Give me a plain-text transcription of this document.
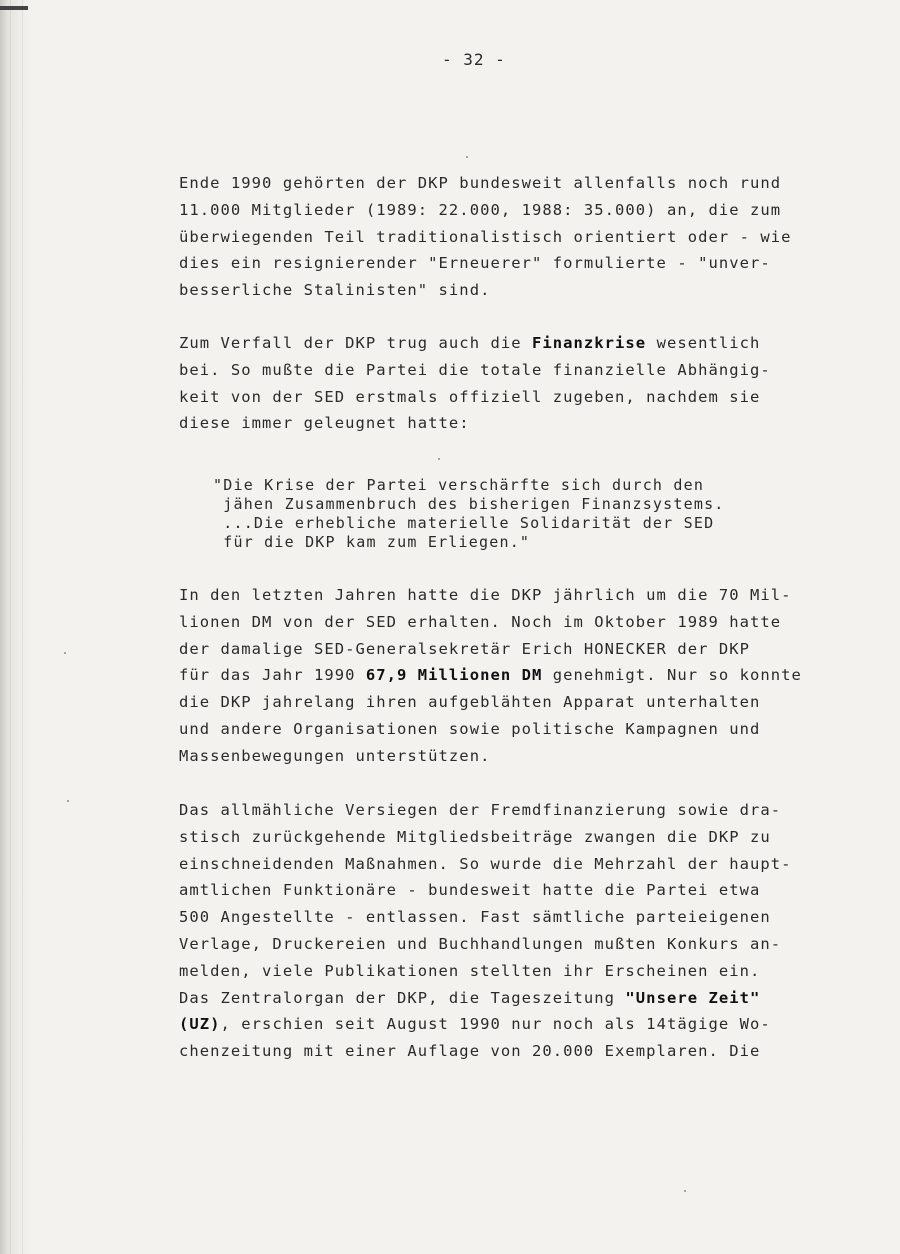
- 32 -
Ende 1990 gehörten der DKP bundesweit allenfalls noch rund
11.000 Mitglieder (1989: 22.000, 1988: 35.000) an, die zum
überwiegenden Teil traditionalistisch orientiert oder - wie
dies ein resignierender "Erneuerer" formulierte - "unver-
besserliche Stalinisten" sind.
Zum Verfall der DKP trug auch die Finanzkrise wesentlich
bei. So mußte die Partei die totale finanzielle Abhängig-
keit von der SED erstmals offiziell zugeben, nachdem sie
diese immer geleugnet hatte:
"Die Krise der Partei verschärfte sich durch den
jähen Zusammenbruch des bisherigen Finanzsystems.
...Die erhebliche materielle Solidarität der SED
für die DKP kam zum Erliegen."
In den letzten Jahren hatte die DKP jährlich um die 70 Mil-
lionen DM von der SED erhalten. Noch im Oktober 1989 hatte
der damalige SED-Generalsekretär Erich HONECKER der DKP
für das Jahr 1990 67,9 Millionen DM genehmigt. Nur so konnte
die DKP jahrelang ihren aufgeblähten Apparat unterhalten
und andere Organisationen sowie politische Kampagnen und
Massenbewegungen unterstützen.
Das allmähliche Versiegen der Fremdfinanzierung sowie dra-
stisch zurückgehende Mitgliedsbeiträge zwangen die DKP zu
einschneidenden Maßnahmen. So wurde die Mehrzahl der haupt-
amtlichen Funktionäre - bundesweit hatte die Partei etwa
500 Angestellte - entlassen. Fast sämtliche parteieigenen
Verlage, Druckereien und Buchhandlungen mußten Konkurs an-
melden, viele Publikationen stellten ihr Erscheinen ein.
Das Zentralorgan der DKP, die Tageszeitung "Unsere Zeit"
(UZ), erschien seit August 1990 nur noch als 14tägige Wo-
chenzeitung mit einer Auflage von 20.000 Exemplaren. Die
